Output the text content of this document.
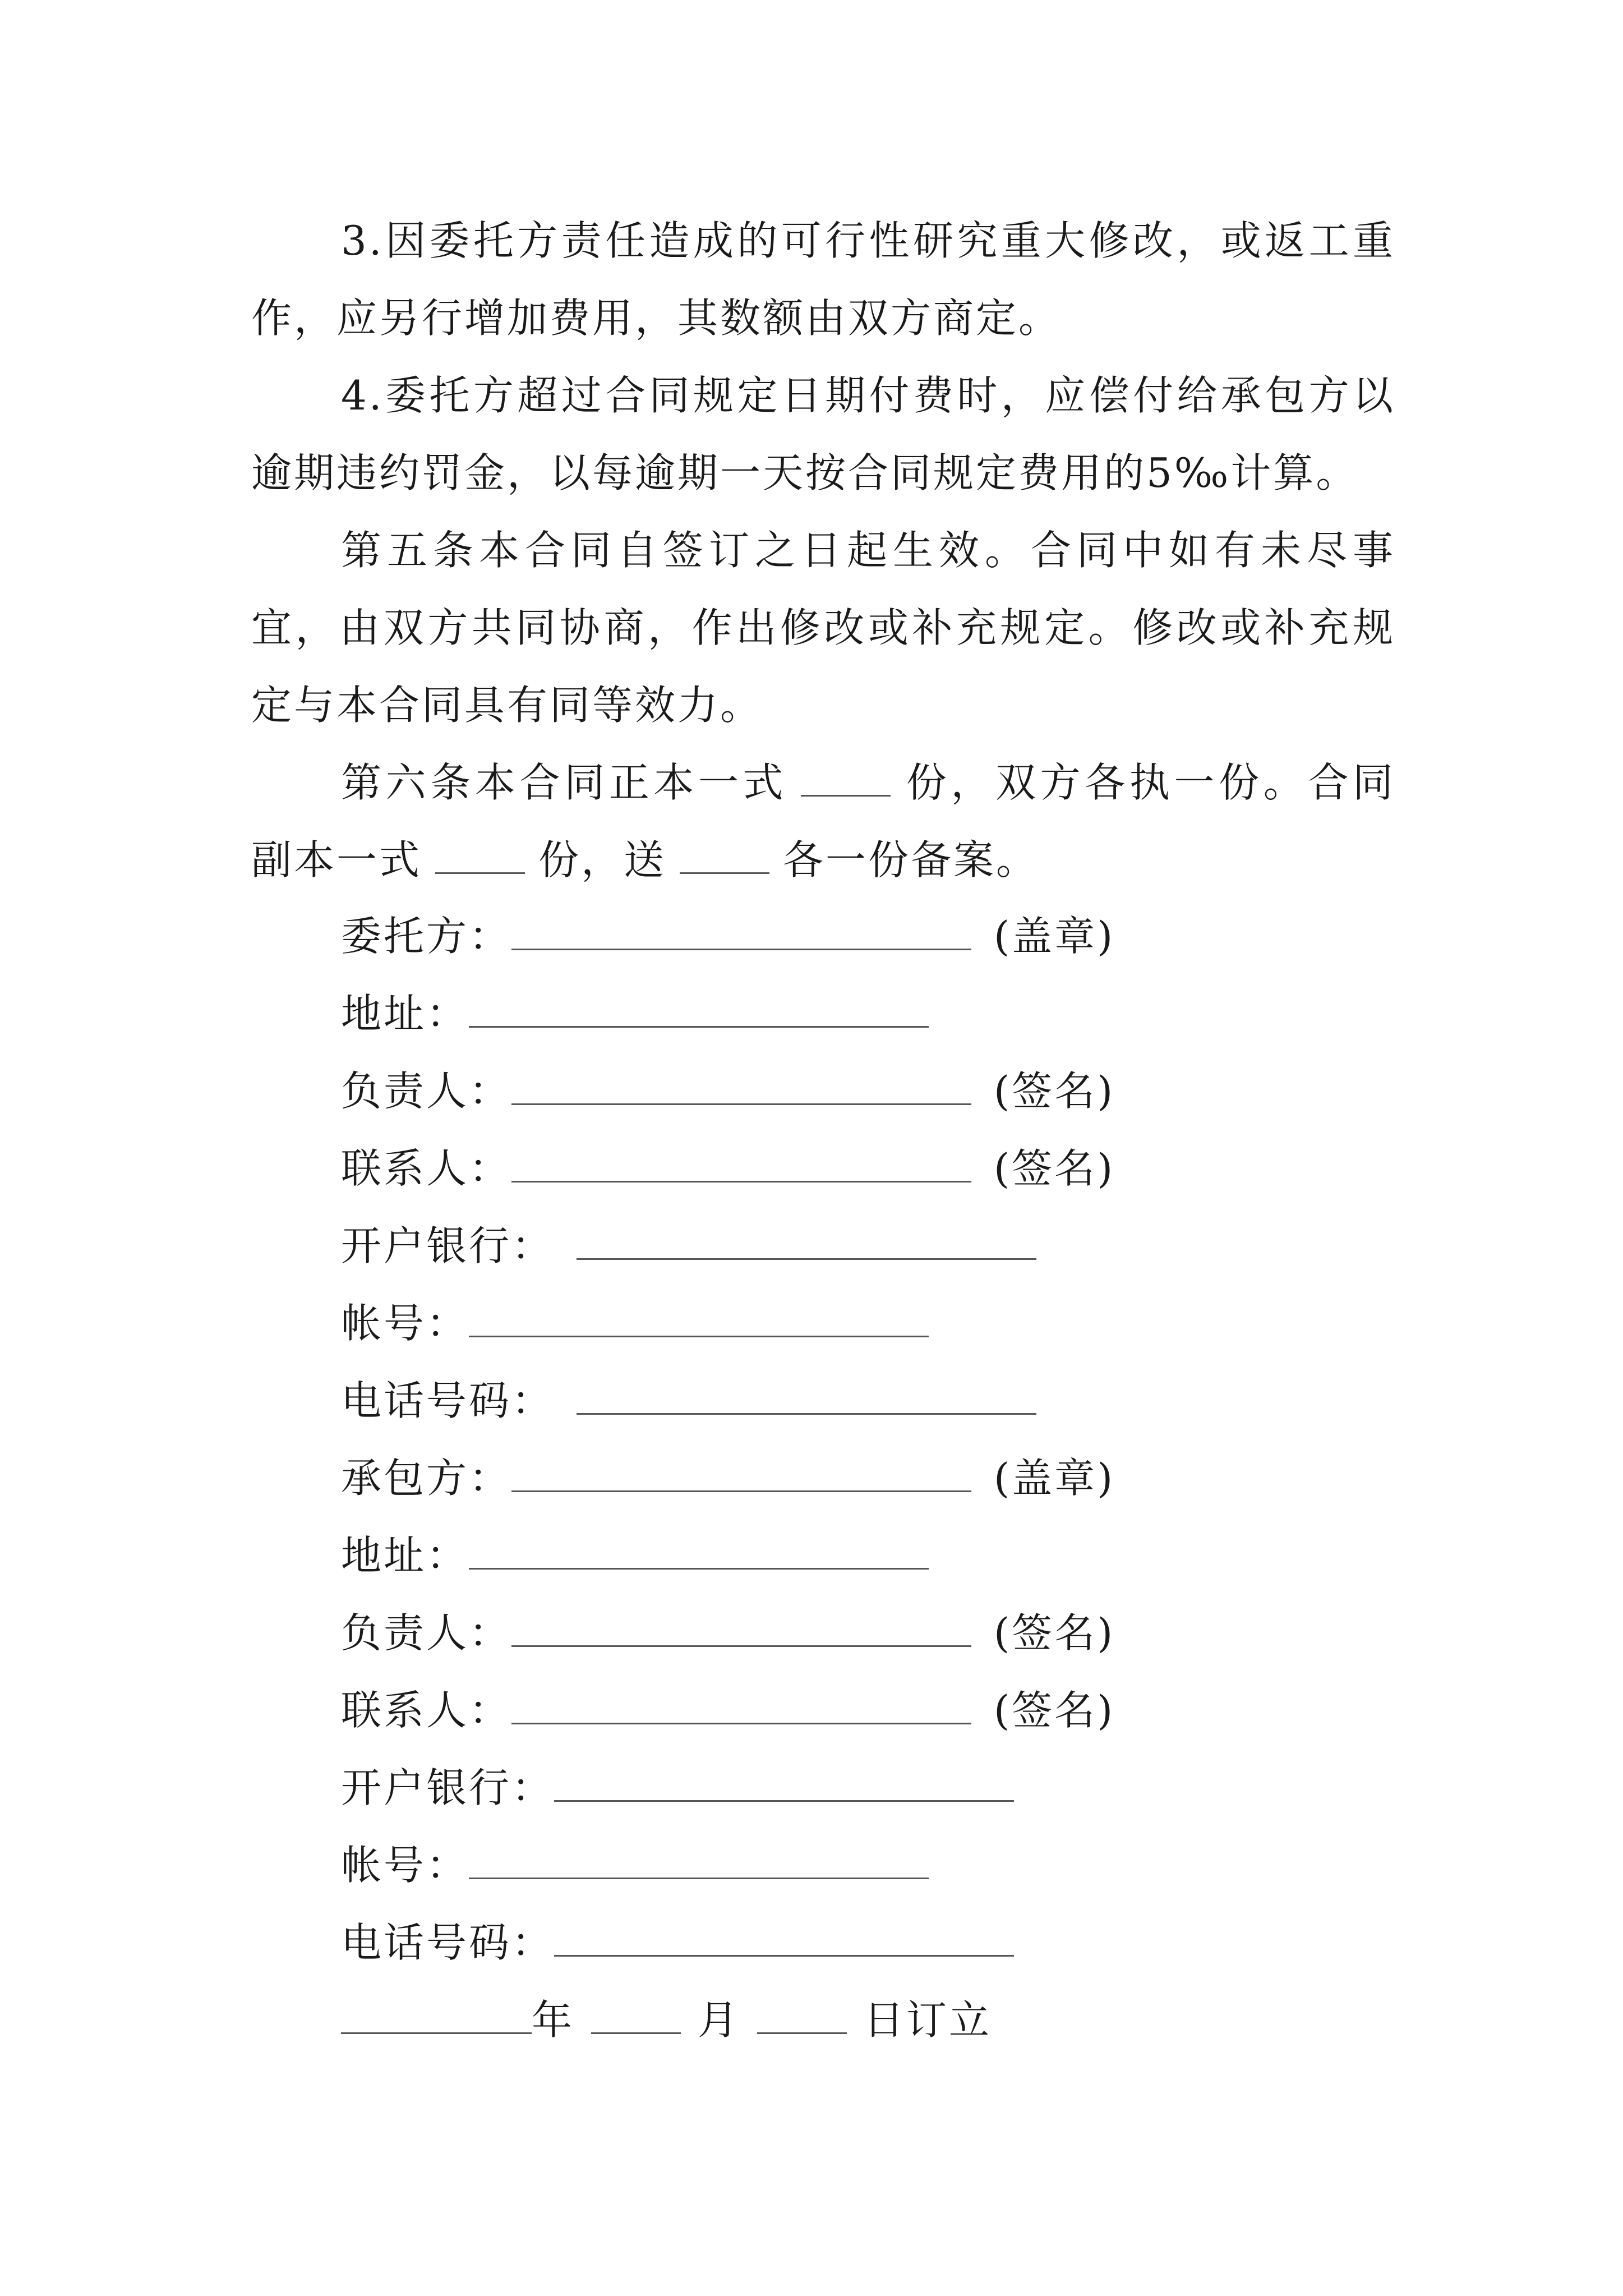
3.因委托方责任造成的可行性研究重大修改，或返工重作，应另行增加费用，其数额由双方商定。

4.委托方超过合同规定日期付费时，应偿付给承包方以逾期违约罚金，以每逾期一天按合同规定费用的5‰计算。

第五条本合同自签订之日起生效。合同中如有未尽事宜，由双方共同协商，作出修改或补充规定。修改或补充规定与本合同具有同等效力。

第六条本合同正本一式	份，双方各执一份。合同副本一式	份，送	各一份备案。

委托方：	(盖章)
地址：
负责人：	(签名)
联系人：	(签名)
开户银行：
帐号：
电话号码：
承包方：	(盖章)
地址：
负责人：	(签名)
联系人：	(签名)
开户银行：
帐号：
电话号码：
年	月	日订立
